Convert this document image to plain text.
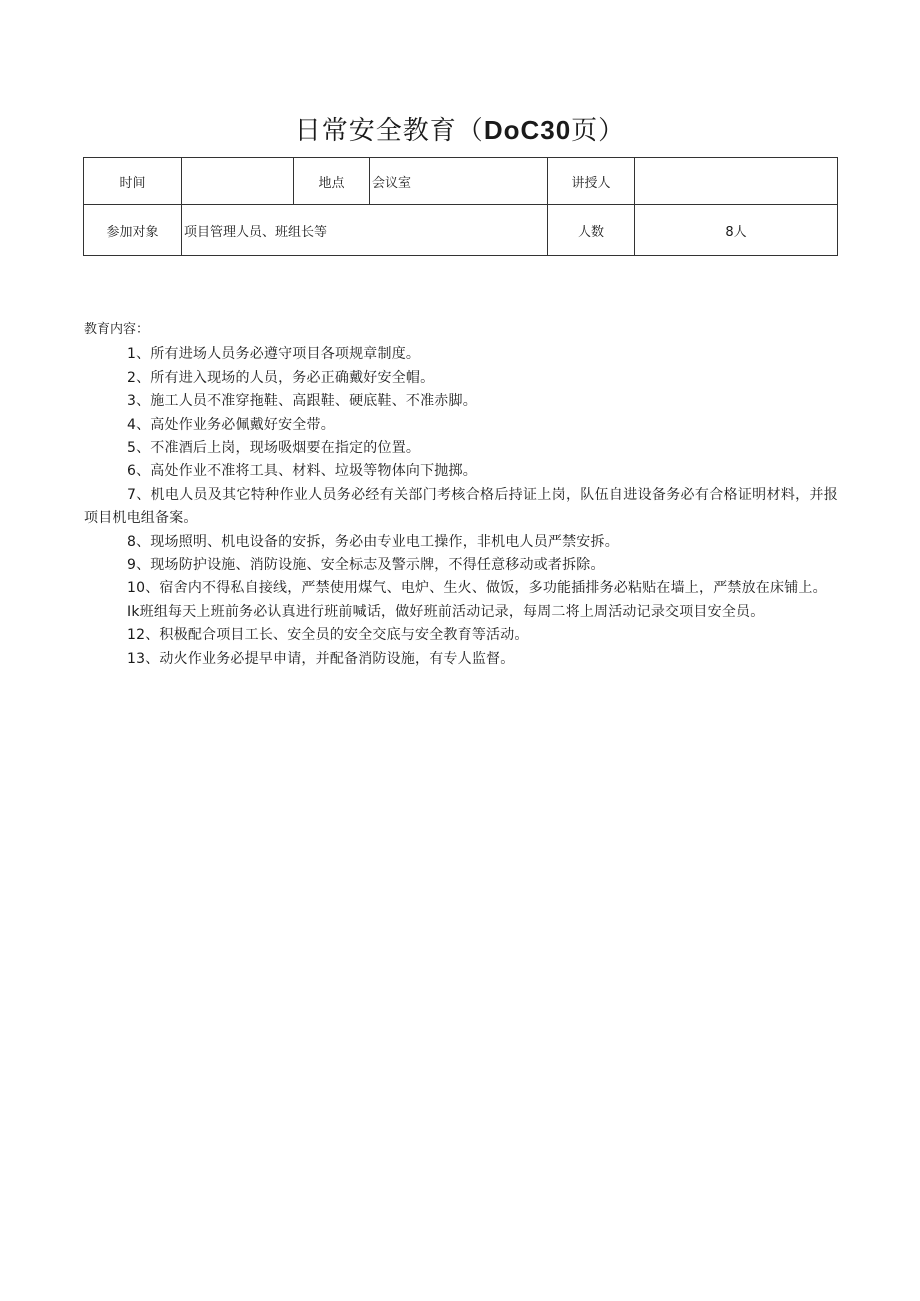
日常安全教育（DoC30页）
时间		地点	会议室	讲授人	
参加对象	项目管理人员、班组长等			人数	8人

教育内容：

1、所有进场人员务必遵守项目各项规章制度。

2、所有进入现场的人员，务必正确戴好安全帽。

3、施工人员不准穿拖鞋、高跟鞋、硬底鞋、不准赤脚。

4、高处作业务必佩戴好安全带。

5、不准酒后上岗，现场吸烟要在指定的位置。

6、高处作业不准将工具、材料、垃圾等物体向下抛掷。

7、机电人员及其它特种作业人员务必经有关部门考核合格后持证上岗，队伍自进设备务必有合格证明材料，并报项目机电组备案。

8、现场照明、机电设备的安拆，务必由专业电工操作，非机电人员严禁安拆。

9、现场防护设施、消防设施、安全标志及警示牌，不得任意移动或者拆除。

10、宿舍内不得私自接线，严禁使用煤气、电炉、生火、做饭，多功能插排务必粘贴在墙上，严禁放在床铺上。

Ik班组每天上班前务必认真进行班前喊话，做好班前活动记录，每周二将上周活动记录交项目安全员。

12、积极配合项目工长、安全员的安全交底与安全教育等活动。

13、动火作业务必提早申请，并配备消防设施，有专人监督。
